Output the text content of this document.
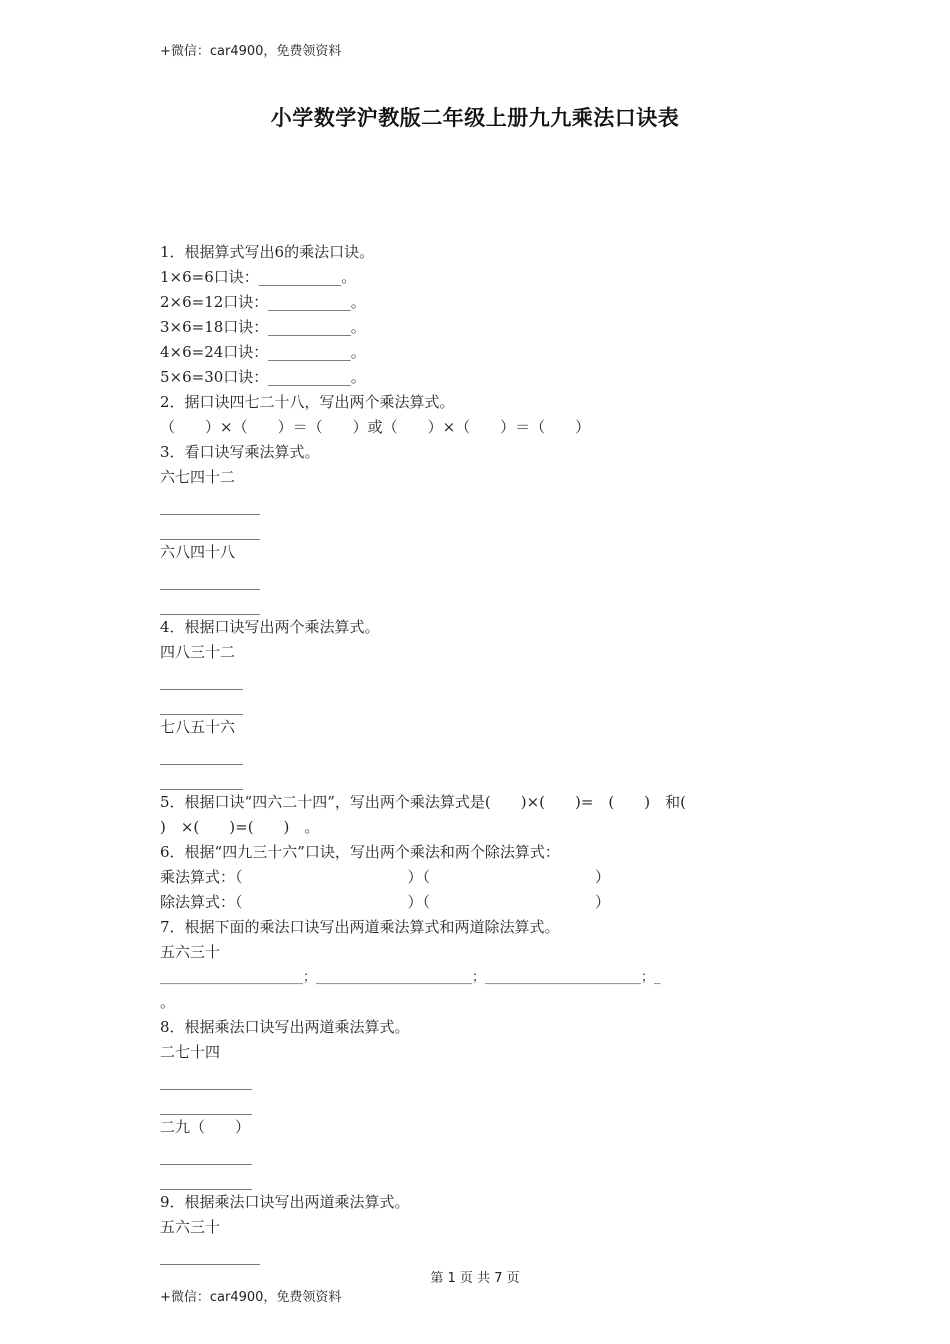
+微信：car4900，免费领资料
小学数学沪教版二年级上册九九乘法口诀表
1．根据算式写出6的乘法口诀。
1×6=6口诀：___________。
2×6=12口诀：___________。
3×6=18口诀：___________。
4×6=24口诀：___________。
5×6=30口诀：___________。
2．据口诀四七二十八，写出两个乘法算式。
（　　）×（　　）＝（　　）或（　　）×（　　）＝（　　）
3．看口诀写乘法算式。
六七四十二
六八四十八
4．根据口诀写出两个乘法算式。
四八三十二
七八五十六
5．根据口诀“四六二十四”，写出两个乘法算式是(　　)×(　　)=　(　　)　和(
)　×(　　)=(　　)　。
6．根据“四九三十六”口诀，写出两个乘法和两个除法算式：
乘法算式：（　　　　　　　　　　　）（　　　　　　　　　　　）
除法算式：（　　　　　　　　　　　）（　　　　　　　　　　　）
7．根据下面的乘法口诀写出两道乘法算式和两道除法算式。
五六三十
______________________；________________________；________________________；_
。
8．根据乘法口诀写出两道乘法算式。
二七十四
二九（　　）
9．根据乘法口诀写出两道乘法算式。
五六三十
第 1 页 共 7 页
+微信：car4900，免费领资料
